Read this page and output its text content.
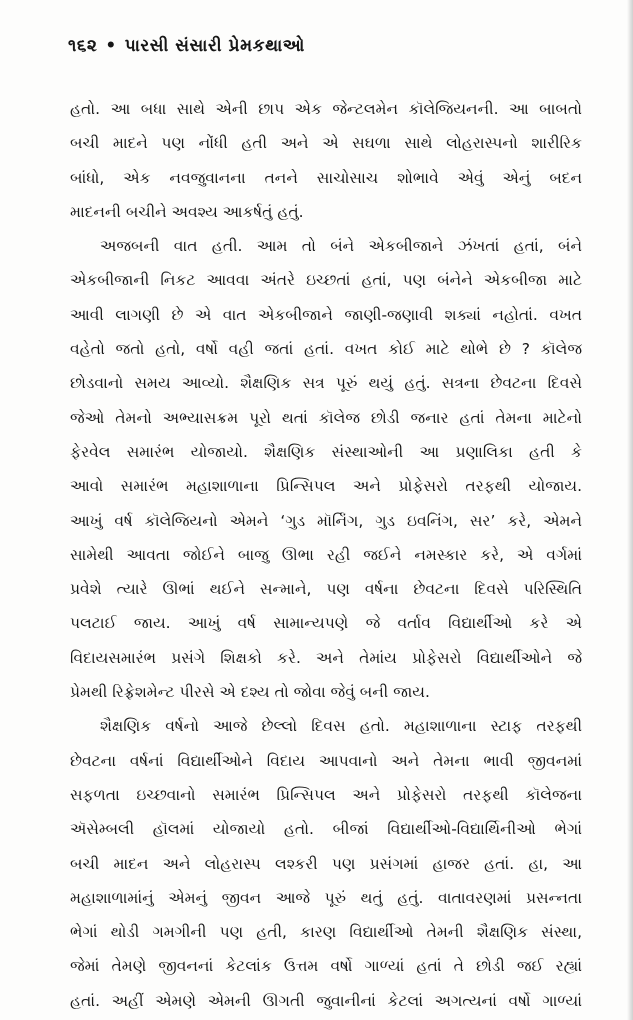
૧૬૨ • પારસી સંસારી પ્રેમકથાઓ
હતો. આ બધા સાથે એની છાપ એક જેન્ટલમેન કૉલેજિયનની. આ બાબતો
બચી માદને પણ નોંધી હતી અને એ સઘળા સાથે લોહરાસ્પનો શારીરિક
બાંધો, એક નવજુવાનના તનને સાચોસાચ શોભાવે એવું એનું બદન
માદનની બચીને અવશ્ય આકર્ષતું હતું.
અજબની વાત હતી. આમ તો બંને એકબીજાને ઝંખતાં હતાં, બંને
એકબીજાની નિકટ આવવા અંતરે ઇચ્છતાં હતાં, પણ બંનેને એકબીજા માટે
આવી લાગણી છે એ વાત એકબીજાને જાણી-જણાવી શક્યાં નહોતાં. વખત
વહેતો જતો હતો, વર્ષો વહી જતાં હતાં. વખત કોઈ માટે થોભે છે ? કૉલેજ
છોડવાનો સમય આવ્યો. શૈક્ષણિક સત્ર પૂરું થયું હતું. સત્રના છેવટના દિવસે
જેઓ તેમનો અભ્યાસક્રમ પૂરો થતાં કૉલેજ છોડી જનાર હતાં તેમના માટેનો
ફેરવેલ સમારંભ યોજાયો. શૈક્ષણિક સંસ્થાઓની આ પ્રણાલિકા હતી કે
આવો સમારંભ મહાશાળાના પ્રિન્સિપલ અને પ્રોફેસરો તરફથી યોજાય.
આખું વર્ષ કૉલેજિયનો એમને ‘ગુડ મૉર્નિંગ, ગુડ ઇવનિંગ, સર’ કરે, એમને
સામેથી આવતા જોઈને બાજુ ઊભા રહી જઈને નમસ્કાર કરે, એ વર્ગમાં
પ્રવેશે ત્યારે ઊભાં થઈને સન્માને, પણ વર્ષના છેવટના દિવસે પરિસ્થિતિ
પલટાઈ જાય. આખું વર્ષ સામાન્યપણે જે વર્તાવ વિદ્યાર્થીઓ કરે એ
વિદાયસમારંભ પ્રસંગે શિક્ષકો કરે. અને તેમાંય પ્રોફેસરો વિદ્યાર્થીઓને જે
પ્રેમથી રિફ્રેશમેન્ટ પીરસે એ દશ્ય તો જોવા જેવું બની જાય.
શૈક્ષણિક વર્ષનો આજે છેલ્લો દિવસ હતો. મહાશાળાના સ્ટાફ તરફથી
છેવટના વર્ષનાં વિદ્યાર્થીઓને વિદાય આપવાનો અને તેમના ભાવી જીવનમાં
સફળતા ઇચ્છવાનો સમારંભ પ્રિન્સિપલ અને પ્રોફેસરો તરફથી કૉલેજના
ઍસેમ્બલી હૉલમાં યોજાયો હતો. બીજાં વિદ્યાર્થીઓ-વિદ્યાર્થિનીઓ ભેગાં
બચી માદન અને લોહરાસ્પ લશ્કરી પણ પ્રસંગમાં હાજર હતાં. હા, આ
મહાશાળામાંનું એમનું જીવન આજે પૂરું થતું હતું. વાતાવરણમાં પ્રસન્નતા
ભેગાં થોડી ગમગીની પણ હતી, કારણ વિદ્યાર્થીઓ તેમની શૈક્ષણિક સંસ્થા,
જેમાં તેમણે જીવનનાં કેટલાંક ઉત્તમ વર્ષો ગાળ્યાં હતાં તે છોડી જઈ રહ્યાં
હતાં. અહીં એમણે એમની ઊગતી જુવાનીનાં કેટલાં અગત્યનાં વર્ષો ગાળ્યાં
